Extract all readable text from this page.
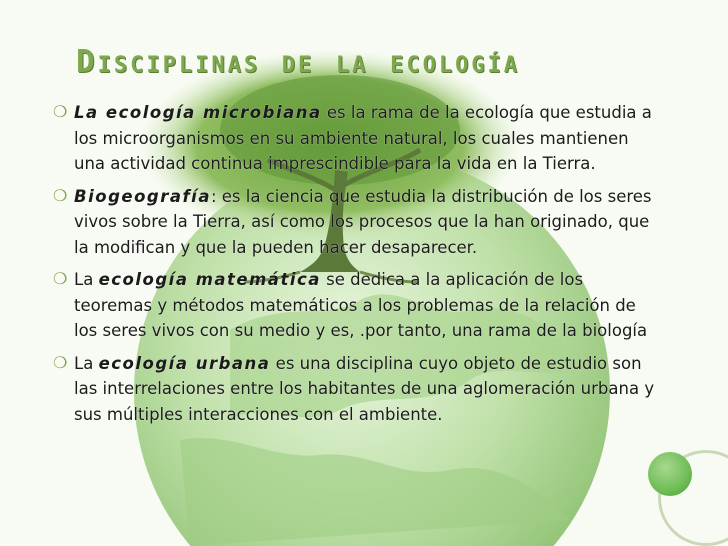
Disciplinas de la ecología
❍ La ecología microbiana es la rama de la ecología que estudia a los microorganismos en su ambiente natural, los cuales mantienen una actividad continua imprescindible para la vida en la Tierra.
❍ Biogeografía: es la ciencia que estudia la distribución de los seres vivos sobre la Tierra, así como los procesos que la han originado, que la modifican y que la pueden hacer desaparecer.
❍ La ecología matemática se dedica a la aplicación de los teoremas y métodos matemáticos a los problemas de la relación de los seres vivos con su medio y es, .por tanto, una rama de la biología
❍ La ecología urbana es una disciplina cuyo objeto de estudio son las interrelaciones entre los habitantes de una aglomeración urbana y sus múltiples interacciones con el ambiente.
